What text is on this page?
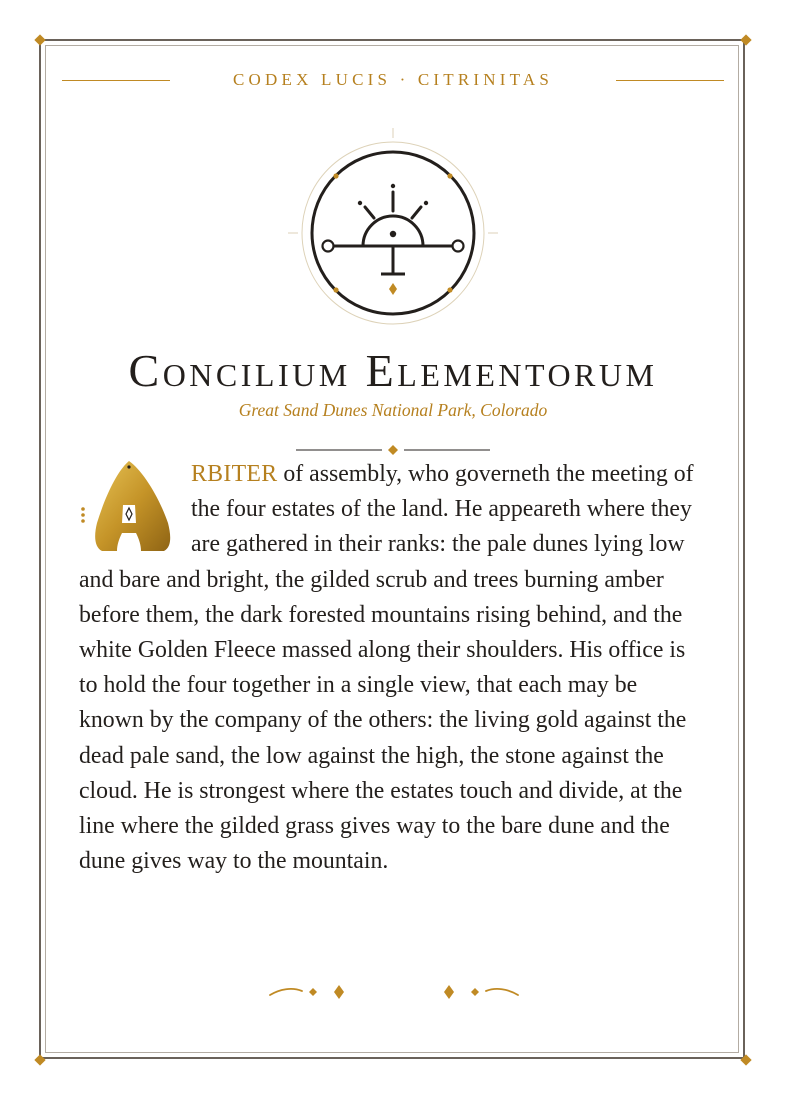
CODEX LUCIS · CITRINITAS
Concilium Elementorum
Great Sand Dunes National Park, Colorado
RBITER of assembly, who governeth the meeting of the four estates of the land. He appeareth where they are gathered in their ranks: the pale dunes lying low and bare and bright, the gilded scrub and trees burning amber before them, the dark forested mountains rising behind, and the white Golden Fleece massed along their shoulders. His office is to hold the four together in a single view, that each may be known by the company of the others: the living gold against the dead pale sand, the low against the high, the stone against the cloud. He is strongest where the estates touch and divide, at the line where the gilded grass gives way to the bare dune and the dune gives way to the mountain.
